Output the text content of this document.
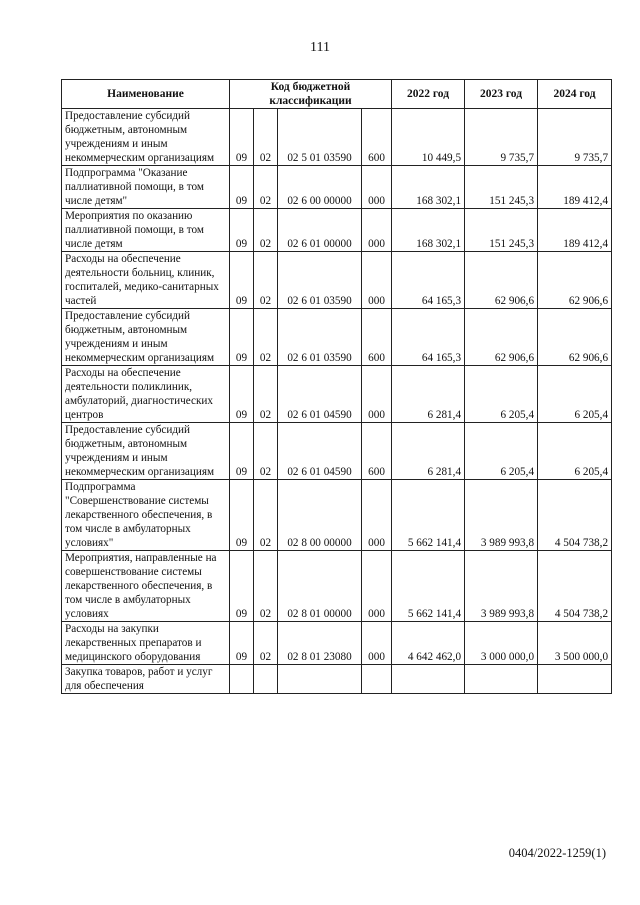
111
Наименование	Код бюджетной классификации				2022 год	2023 год	2024 год
Предоставление субсидий бюджетным, автономным учреждениям и иным некоммерческим организациям	09	02	02 5 01 03590	600	10 449,5	9 735,7	9 735,7
Подпрограмма "Оказание паллиативной помощи, в том числе детям"	09	02	02 6 00 00000	000	168 302,1	151 245,3	189 412,4
Мероприятия по оказанию паллиативной помощи, в том числе детям	09	02	02 6 01 00000	000	168 302,1	151 245,3	189 412,4
Расходы на обеспечение деятельности больниц, клиник, госпиталей, медико-санитарных частей	09	02	02 6 01 03590	000	64 165,3	62 906,6	62 906,6
Предоставление субсидий бюджетным, автономным учреждениям и иным некоммерческим организациям	09	02	02 6 01 03590	600	64 165,3	62 906,6	62 906,6
Расходы на обеспечение деятельности поликлиник, амбулаторий, диагностических центров	09	02	02 6 01 04590	000	6 281,4	6 205,4	6 205,4
Предоставление субсидий бюджетным, автономным учреждениям и иным некоммерческим организациям	09	02	02 6 01 04590	600	6 281,4	6 205,4	6 205,4
Подпрограмма "Совершенствование системы лекарственного обеспечения, в том числе в амбулаторных условиях"	09	02	02 8 00 00000	000	5 662 141,4	3 989 993,8	4 504 738,2
Мероприятия, направленные на совершенствование системы лекарственного обеспечения, в том числе в амбулаторных условиях	09	02	02 8 01 00000	000	5 662 141,4	3 989 993,8	4 504 738,2
Расходы на закупки лекарственных препаратов и медицинского оборудования	09	02	02 8 01 23080	000	4 642 462,0	3 000 000,0	3 500 000,0
Закупка товаров, работ и услуг для обеспечения							
0404/2022-1259(1)
